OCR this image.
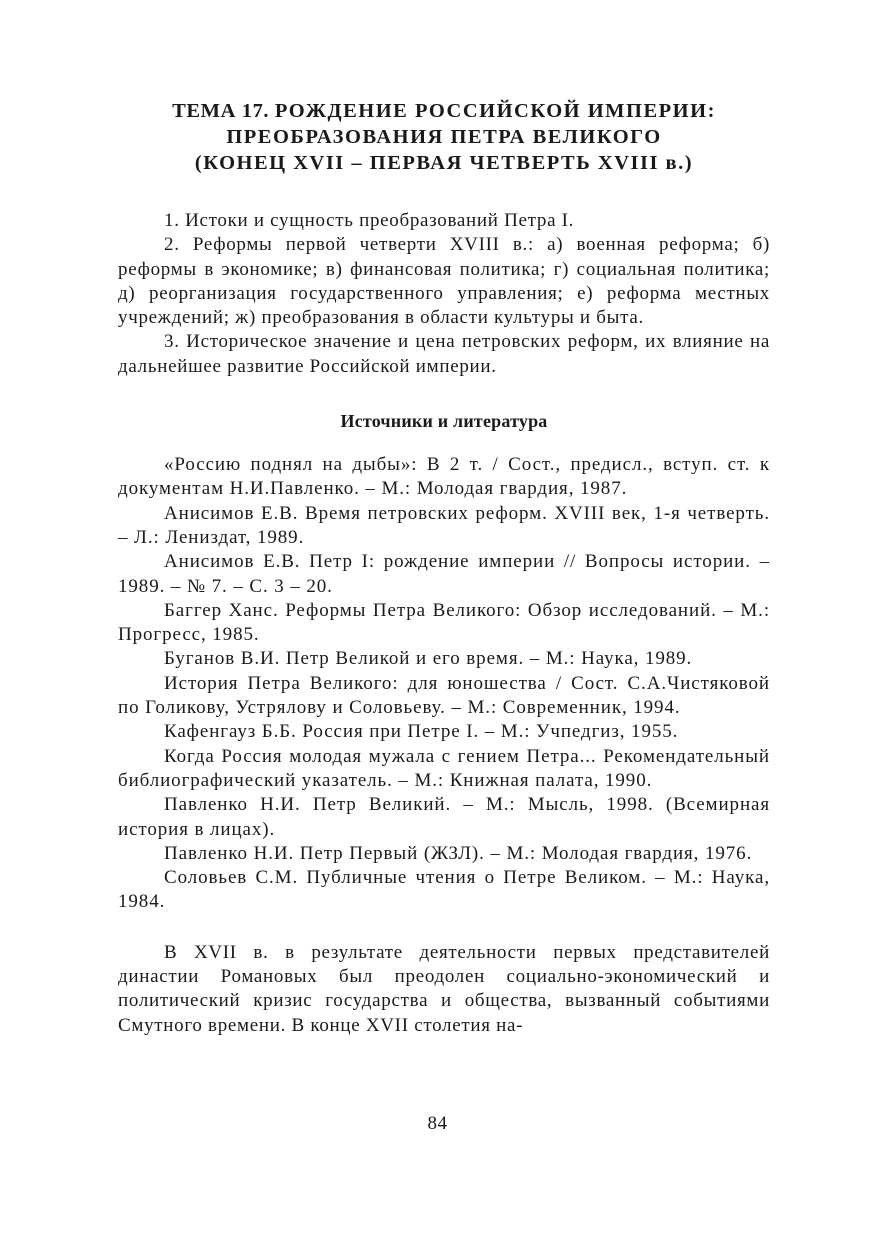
ТЕМА 17. РОЖДЕНИЕ РОССИЙСКОЙ ИМПЕРИИ:
ПРЕОБРАЗОВАНИЯ ПЕТРА ВЕЛИКОГО
(КОНЕЦ XVII – ПЕРВАЯ ЧЕТВЕРТЬ XVIII в.)

1. Истоки и сущность преобразований Петра I.

2. Реформы первой четверти XVIII в.: а) военная реформа; б) реформы в экономике; в) финансовая политика; г) социальная политика; д) реорганизация государственного управления; е) реформа местных учреждений; ж) преобразования в области культуры и быта.

3. Историческое значение и цена петровских реформ, их влияние на дальнейшее развитие Российской империи.

Источники и литература

«Россию поднял на дыбы»: В 2 т. / Сост., предисл., вступ. ст. к документам Н.И.Павленко. – М.: Молодая гвардия, 1987.

Анисимов Е.В. Время петровских реформ. XVIII век, 1-я четверть. – Л.: Лениздат, 1989.

Анисимов Е.В. Петр I: рождение империи // Вопросы истории. – 1989. – № 7. – С. 3 – 20.

Баггер Ханс. Реформы Петра Великого: Обзор исследований. – М.: Прогресс, 1985.

Буганов В.И. Петр Великой и его время. – М.: Наука, 1989.

История Петра Великого: для юношества / Сост. С.А.Чистяковой по Голикову, Устрялову и Соловьеву. – М.: Современник, 1994.

Кафенгауз Б.Б. Россия при Петре I. – М.: Учпедгиз, 1955.

Когда Россия молодая мужала с гением Петра... Рекомендательный библиографический указатель. – М.: Книжная палата, 1990.

Павленко Н.И. Петр Великий. – М.: Мысль, 1998. (Всемирная история в лицах).

Павленко Н.И. Петр Первый (ЖЗЛ). – М.: Молодая гвардия, 1976.

Соловьев С.М. Публичные чтения о Петре Великом. – М.: Наука, 1984.

В XVII в. в результате деятельности первых представителей династии Романовых был преодолен социально-экономический и политический кризис государства и общества, вызванный событиями Смутного времени. В конце XVII столетия на-

84
